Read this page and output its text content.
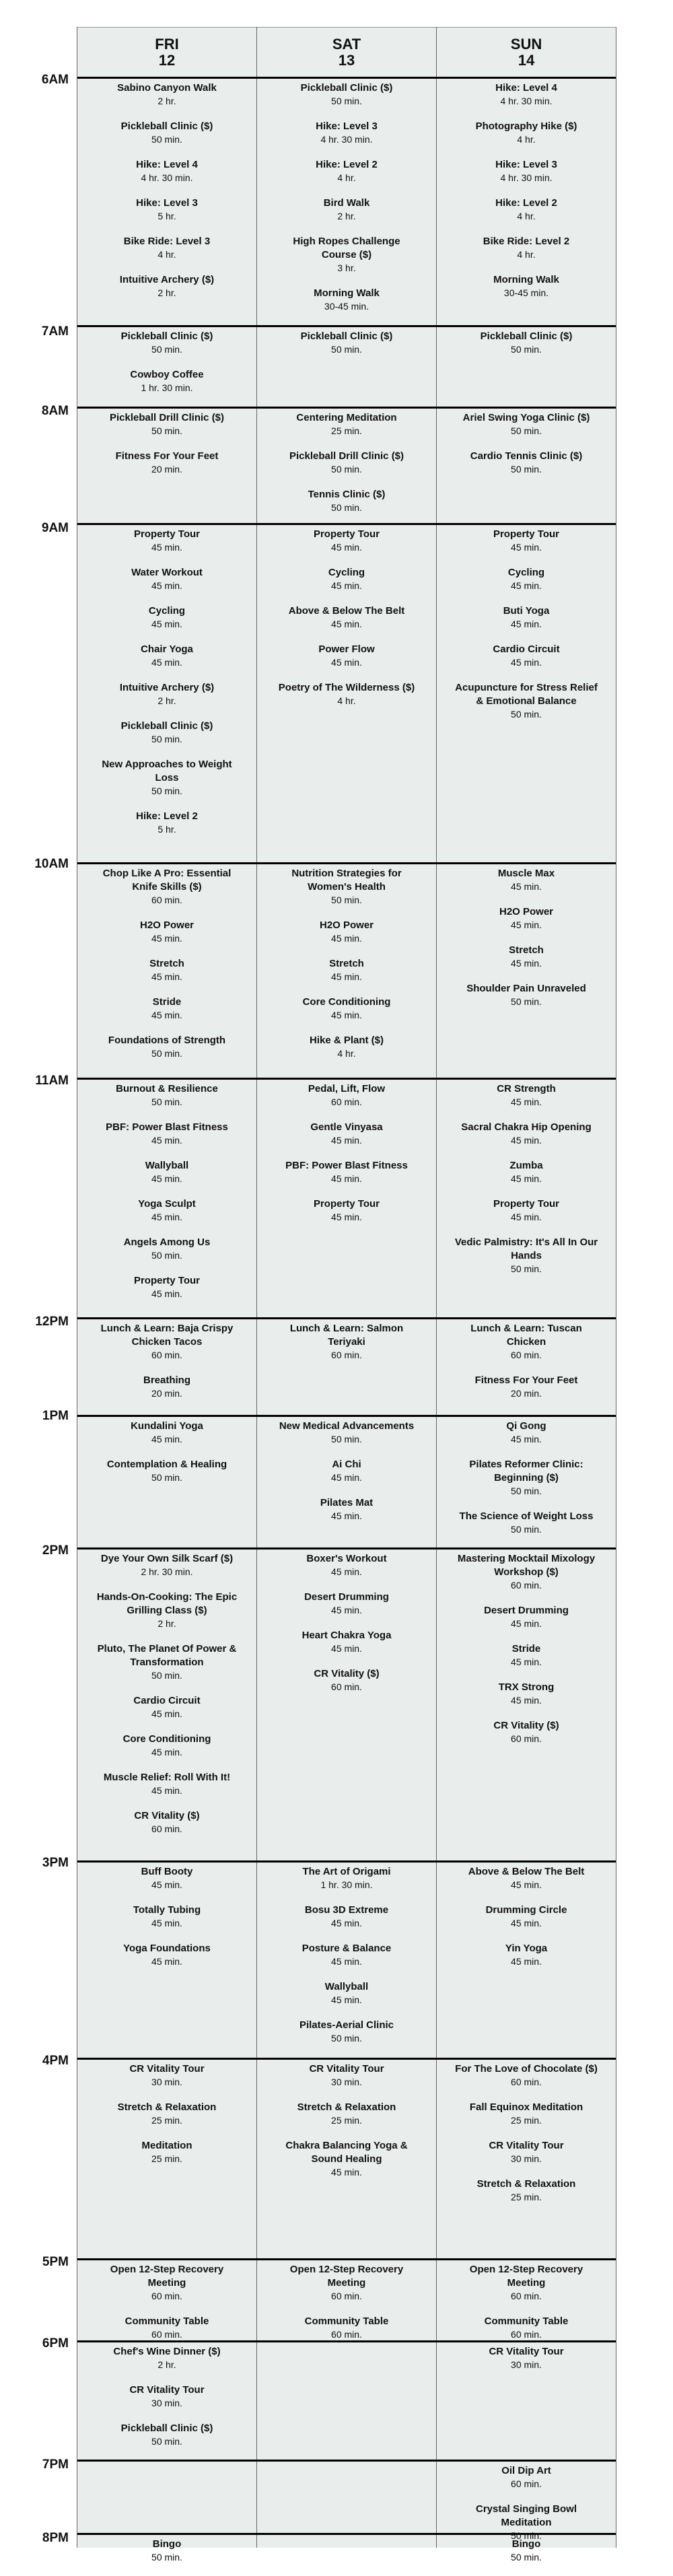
6AM
7AM
8AM
9AM
10AM
11AM
12PM
1PM
2PM
3PM
4PM
5PM
6PM
7PM
8PM
FRI
12
SAT
13
SUN
14
Sabino Canyon Walk
2 hr.
Pickleball Clinic ($)
50 min.
Hike: Level 4
4 hr. 30 min.
Hike: Level 3
5 hr.
Bike Ride: Level 3
4 hr.
Intuitive Archery ($)
2 hr.
Pickleball Clinic ($)
50 min.
Hike: Level 3
4 hr. 30 min.
Hike: Level 2
4 hr.
Bird Walk
2 hr.
High Ropes Challenge Course ($)
3 hr.
Morning Walk
30-45 min.
Hike: Level 4
4 hr. 30 min.
Photography Hike ($)
4 hr.
Hike: Level 3
4 hr. 30 min.
Hike: Level 2
4 hr.
Bike Ride: Level 2
4 hr.
Morning Walk
30-45 min.
Pickleball Clinic ($)
50 min.
Cowboy Coffee
1 hr. 30 min.
Pickleball Clinic ($)
50 min.
Pickleball Clinic ($)
50 min.
Pickleball Drill Clinic ($)
50 min.
Fitness For Your Feet
20 min.
Centering Meditation
25 min.
Pickleball Drill Clinic ($)
50 min.
Tennis Clinic ($)
50 min.
Ariel Swing Yoga Clinic ($)
50 min.
Cardio Tennis Clinic ($)
50 min.
Property Tour
45 min.
Water Workout
45 min.
Cycling
45 min.
Chair Yoga
45 min.
Intuitive Archery ($)
2 hr.
Pickleball Clinic ($)
50 min.
New Approaches to Weight Loss
50 min.
Hike: Level 2
5 hr.
Property Tour
45 min.
Cycling
45 min.
Above & Below The Belt
45 min.
Power Flow
45 min.
Poetry of The Wilderness ($)
4 hr.
Property Tour
45 min.
Cycling
45 min.
Buti Yoga
45 min.
Cardio Circuit
45 min.
Acupuncture for Stress Relief & Emotional Balance
50 min.
Chop Like A Pro: Essential Knife Skills ($)
60 min.
H2O Power
45 min.
Stretch
45 min.
Stride
45 min.
Foundations of Strength
50 min.
Nutrition Strategies for Women's Health
50 min.
H2O Power
45 min.
Stretch
45 min.
Core Conditioning
45 min.
Hike & Plant ($)
4 hr.
Muscle Max
45 min.
H2O Power
45 min.
Stretch
45 min.
Shoulder Pain Unraveled
50 min.
Burnout & Resilience
50 min.
PBF: Power Blast Fitness
45 min.
Wallyball
45 min.
Yoga Sculpt
45 min.
Angels Among Us
50 min.
Property Tour
45 min.
Pedal, Lift, Flow
60 min.
Gentle Vinyasa
45 min.
PBF: Power Blast Fitness
45 min.
Property Tour
45 min.
CR Strength
45 min.
Sacral Chakra Hip Opening
45 min.
Zumba
45 min.
Property Tour
45 min.
Vedic Palmistry: It's All In Our Hands
50 min.
Lunch & Learn: Baja Crispy Chicken Tacos
60 min.
Breathing
20 min.
Lunch & Learn: Salmon Teriyaki
60 min.
Lunch & Learn: Tuscan Chicken
60 min.
Fitness For Your Feet
20 min.
Kundalini Yoga
45 min.
Contemplation & Healing
50 min.
New Medical Advancements
50 min.
Ai Chi
45 min.
Pilates Mat
45 min.
Qi Gong
45 min.
Pilates Reformer Clinic: Beginning ($)
50 min.
The Science of Weight Loss
50 min.
Dye Your Own Silk Scarf ($)
2 hr. 30 min.
Hands-On-Cooking: The Epic Grilling Class ($)
2 hr.
Pluto, The Planet Of Power & Transformation
50 min.
Cardio Circuit
45 min.
Core Conditioning
45 min.
Muscle Relief: Roll With It!
45 min.
CR Vitality ($)
60 min.
Boxer's Workout
45 min.
Desert Drumming
45 min.
Heart Chakra Yoga
45 min.
CR Vitality ($)
60 min.
Mastering Mocktail Mixology Workshop ($)
60 min.
Desert Drumming
45 min.
Stride
45 min.
TRX Strong
45 min.
CR Vitality ($)
60 min.
Buff Booty
45 min.
Totally Tubing
45 min.
Yoga Foundations
45 min.
The Art of Origami
1 hr. 30 min.
Bosu 3D Extreme
45 min.
Posture & Balance
45 min.
Wallyball
45 min.
Pilates-Aerial Clinic
50 min.
Above & Below The Belt
45 min.
Drumming Circle
45 min.
Yin Yoga
45 min.
CR Vitality Tour
30 min.
Stretch & Relaxation
25 min.
Meditation
25 min.
CR Vitality Tour
30 min.
Stretch & Relaxation
25 min.
Chakra Balancing Yoga & Sound Healing
45 min.
For The Love of Chocolate ($)
60 min.
Fall Equinox Meditation
25 min.
CR Vitality Tour
30 min.
Stretch & Relaxation
25 min.
Open 12-Step Recovery Meeting
60 min.
Community Table
60 min.
Open 12-Step Recovery Meeting
60 min.
Community Table
60 min.
Open 12-Step Recovery Meeting
60 min.
Community Table
60 min.
Chef's Wine Dinner ($)
2 hr.
CR Vitality Tour
30 min.
Pickleball Clinic ($)
50 min.
CR Vitality Tour
30 min.
Oil Dip Art
60 min.
Crystal Singing Bowl Meditation
50 min.
Bingo
50 min.
Bingo
50 min.
